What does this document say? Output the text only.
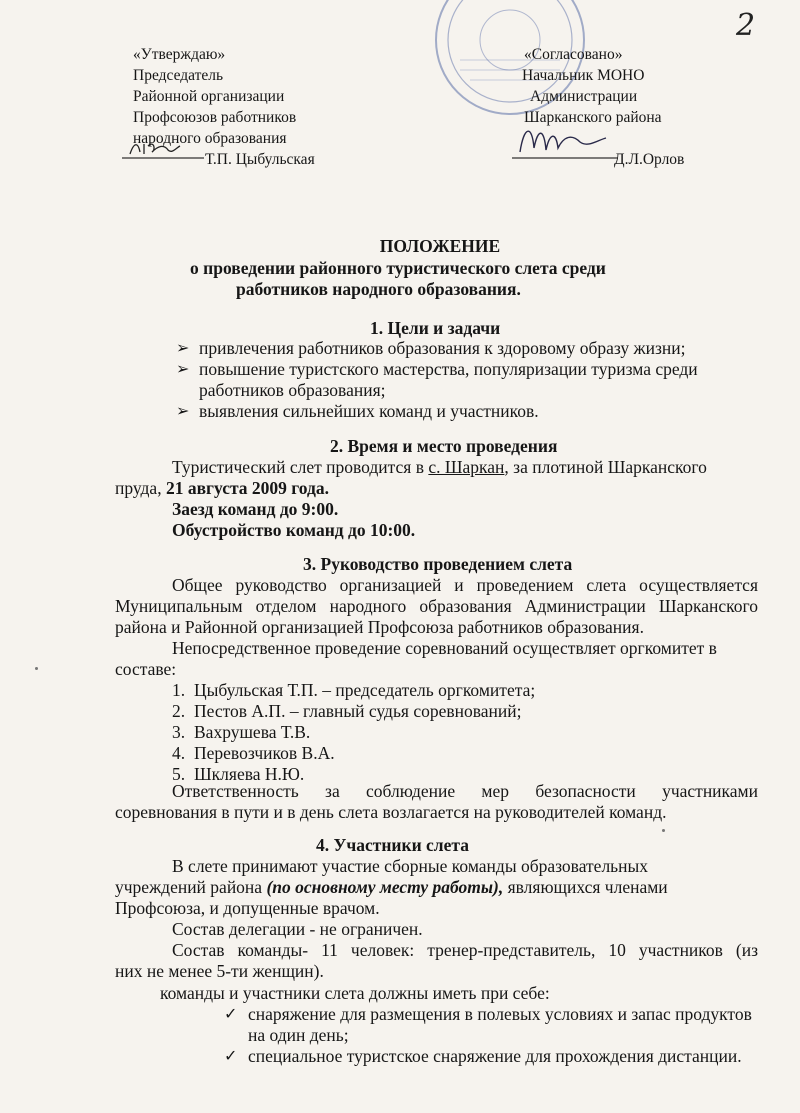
2
«Утверждаю»
Председатель
Районной организации
Профсоюзов работников
народного образования
Т.П. Цыбульская
«Согласовано»
Начальник МОНО
Администрации
Шарканского района
Д.Л.Орлов
ПОЛОЖЕНИЕ
о проведении районного туристического слета среди
работников народного образования.
1. Цели и задачи
➢ привлечения работников образования к здоровому образу жизни;
➢ повышение туристского мастерства, популяризации туризма среди
работников образования;
➢ выявления сильнейших команд и участников.
2. Время и место проведения
Туристический слет проводится в с. Шаркан, за плотиной Шарканского
пруда, 21 августа 2009 года.
Заезд команд до 9:00.
Обустройство команд до 10:00.
3. Руководство проведением слета
Общее руководство организацией и проведением слета осуществляется
Муниципальным отделом народного образования Администрации Шарканского
района и Районной организацией Профсоюза работников образования.
Непосредственное проведение соревнований осуществляет оргкомитет в
составе:
1. Цыбульская Т.П. – председатель оргкомитета;
2. Пестов А.П. – главный судья соревнований;
3. Вахрушева Т.В.
4. Перевозчиков В.А.
5. Шкляева Н.Ю.
Ответственность за соблюдение мер безопасности участниками
соревнования в пути и в день слета возлагается на руководителей команд.
4. Участники слета
В слете принимают участие сборные команды образовательных
учреждений района (по основному месту работы), являющихся членами
Профсоюза, и допущенные врачом.
Состав делегации - не ограничен.
Состав команды- 11 человек: тренер-представитель, 10 участников (из
них не менее 5-ти женщин).
команды и участники слета должны иметь при себе:
✓ снаряжение для размещения в полевых условиях и запас продуктов
на один день;
✓ специальное туристское снаряжение для прохождения дистанции.
